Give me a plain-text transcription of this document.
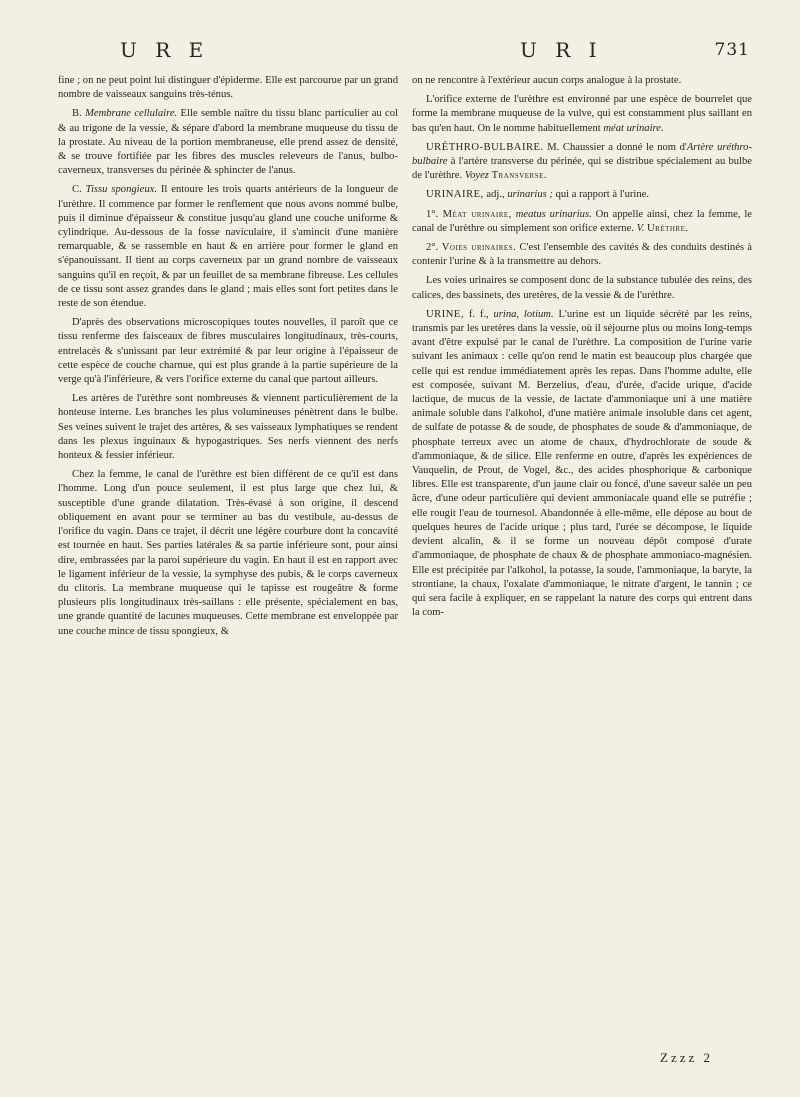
U R E	U R I	731

fine ; on ne peut point lui distinguer d'épiderme. Elle est parcourue par un grand nombre de vaisseaux sanguins très-ténus.

B. Membrane cellulaire. Elle semble naître du tissu blanc particulier au col & au trigone de la vessie, & sépare d'abord la membrane muqueuse du tissu de la prostate. Au niveau de la portion membraneuse, elle prend assez de densité, & se trouve fortifiée par les fibres des muscles releveurs de l'anus, bulbo-caverneux, transverses du périnée & sphincter de l'anus.

C. Tissu spongieux. Il entoure les trois quarts antérieurs de la longueur de l'urèthre. Il commence par former le renflement que nous avons nommé bulbe, puis il diminue d'épaisseur & constitue jusqu'au gland une couche uniforme & cylindrique. Au-dessous de la fosse naviculaire, il s'amincit d'une manière remarquable, & se rassemble en haut & en arrière pour former le gland en s'épanouissant. Il tient au corps caverneux par un grand nombre de vaisseaux sanguins qu'il en reçoit, & par un feuillet de sa membrane fibreuse. Les cellules de ce tissu sont assez grandes dans le gland ; mais elles sont fort petites dans le reste de son étendue.

D'après des observations microscopiques toutes nouvelles, il paroît que ce tissu renferme des faisceaux de fibres musculaires longitudinaux, très-courts, entrelacés & s'unissant par leur extrémité & par leur origine à l'épaisseur de cette espèce de couche charnue, qui est plus grande à la partie supérieure de la verge qu'à l'inférieure, & vers l'orifice externe du canal que partout ailleurs.

Les artères de l'urèthre sont nombreuses & viennent particulièrement de la honteuse interne. Les branches les plus volumineuses pénètrent dans le bulbe. Ses veines suivent le trajet des artères, & ses vaisseaux lymphatiques se rendent dans les plexus inguinaux & hypogastriques. Ses nerfs viennent des nerfs honteux & fessier inférieur.

Chez la femme, le canal de l'urèthre est bien différent de ce qu'il est dans l'homme. Long d'un pouce seulement, il est plus large que chez lui, & susceptible d'une grande dilatation. Très-évasé à son origine, il descend obliquement en avant pour se terminer au bas du vestibule, au-dessus de l'orifice du vagin. Dans ce trajet, il décrit une légère courbure dont la concavité est tournée en haut. Ses parties latérales & sa partie inférieure sont, pour ainsi dire, embrassées par la paroi supérieure du vagin. En haut il est en rapport avec le ligament inférieur de la vessie, la symphyse des pubis, & le corps caverneux du clitoris. La membrane muqueuse qui le tapisse est rougeâtre & forme plusieurs plis longitudinaux très-saillans : elle présente, spécialement en bas, une grande quantité de lacunes muqueuses. Cette membrane est enveloppée par une couche mince de tissu spongieux, &

on ne rencontre à l'extérieur aucun corps analogue à la prostate.

L'orifice externe de l'urèthre est environné par une espèce de bourrelet que forme la membrane muqueuse de la vulve, qui est constamment plus saillant en bas qu'en haut. On le nomme habituellement méat urinaire.

URÉTHRO-BULBAIRE. M. Chaussier a donné le nom d'Artère uréthro-bulbaire à l'artère transverse du périnée, qui se distribue spécialement au bulbe de l'urèthre. Voyez Transverse.

URINAIRE, adj., urinarius ; qui a rapport à l'urine.

1°. Méat urinaire, meatus urinarius. On appelle ainsi, chez la femme, le canal de l'urèthre ou simplement son orifice externe. V. Urèthre.

2°. Voies urinaires. C'est l'ensemble des cavités & des conduits destinés à contenir l'urine & à la transmettre au dehors.

Les voies urinaires se composent donc de la substance tubulée des reins, des calices, des bassinets, des uretères, de la vessie & de l'urèthre.

URINE, f. f., urina, lotium. L'urine est un liquide sécrété par les reins, transmis par les uretères dans la vessie, où il séjourne plus ou moins long-temps avant d'être expulsé par le canal de l'urèthre. La composition de l'urine varie suivant les animaux : celle qu'on rend le matin est beaucoup plus chargée que celle qui est rendue immédiatement après les repas. Dans l'homme adulte, elle est composée, suivant M. Berzelius, d'eau, d'urée, d'acide urique, d'acide lactique, de mucus de la vessie, de lactate d'ammoniaque uni à une matière animale soluble dans l'alkohol, d'une matière animale insoluble dans cet agent, de sulfate de potasse & de soude, de phosphates de soude & d'ammoniaque, de phosphate terreux avec un atome de chaux, d'hydrochlorate de soude & d'ammoniaque, & de silice. Elle renferme en outre, d'après les expériences de Vauquelin, de Prout, de Vogel, &c., des acides phosphorique & carbonique libres. Elle est transparente, d'un jaune clair ou foncé, d'une saveur salée un peu âcre, d'une odeur particulière qui devient ammoniacale quand elle se putréfie ; elle rougit l'eau de tournesol. Abandonnée à elle-même, elle dépose au bout de quelques heures de l'acide urique ; plus tard, l'urée se décompose, le liquide devient alcalin, & il se forme un nouveau dépôt composé d'urate d'ammoniaque, de phosphate de chaux & de phosphate ammoniaco-magnésien. Elle est précipitée par l'alkohol, la potasse, la soude, l'ammoniaque, la baryte, la strontiane, la chaux, l'oxalate d'ammoniaque, le nitrate d'argent, le tannin ; ce qui sera facile à expliquer, en se rappelant la nature des corps qui entrent dans la com-

Zzzz 2
